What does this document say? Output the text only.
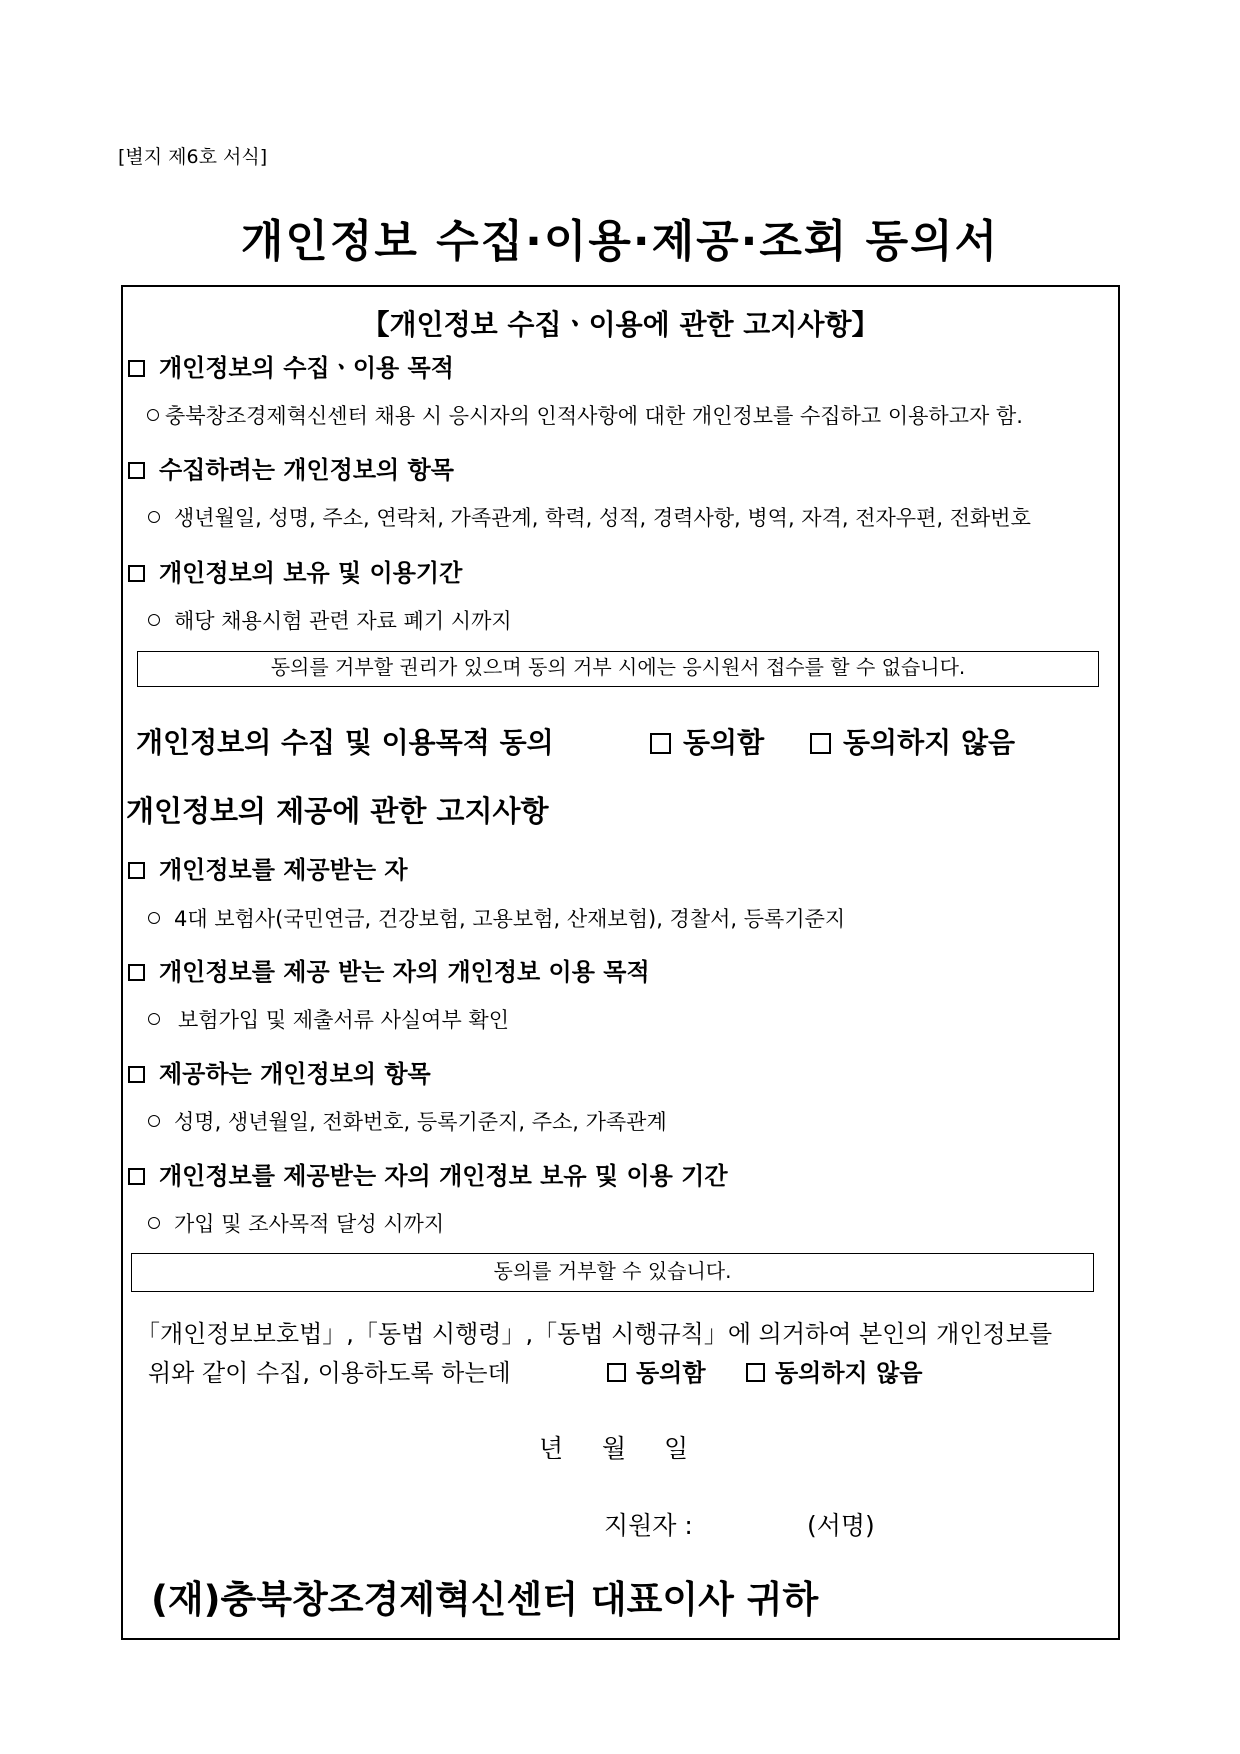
[별지 제6호 서식]
개인정보 수집·이용·제공·조회 동의서
【개인정보 수집ㆍ이용에 관한 고지사항】
개인정보의 수집ㆍ이용 목적
충북창조경제혁신센터 채용 시 응시자의 인적사항에 대한 개인정보를 수집하고 이용하고자 함.
수집하려는 개인정보의 항목
생년월일, 성명, 주소, 연락처, 가족관계, 학력, 성적, 경력사항, 병역, 자격, 전자우편, 전화번호
개인정보의 보유 및 이용기간
해당 채용시험 관련 자료 폐기 시까지
동의를 거부할 권리가 있으며 동의 거부 시에는 응시원서 접수를 할 수 없습니다.
개인정보의 수집 및 이용목적 동의	동의함	동의하지 않음
개인정보의 제공에 관한 고지사항
개인정보를 제공받는 자
4대 보험사(국민연금, 건강보험, 고용보험, 산재보험), 경찰서, 등록기준지
개인정보를 제공 받는 자의 개인정보 이용 목적
보험가입 및 제출서류 사실여부 확인
제공하는 개인정보의 항목
성명, 생년월일, 전화번호, 등록기준지, 주소, 가족관계
개인정보를 제공받는 자의 개인정보 보유 및 이용 기간
가입 및 조사목적 달성 시까지
동의를 거부할 수 있습니다.
「개인정보보호법」,「동법 시행령」,「동법 시행규칙」에 의거하여 본인의 개인정보를
위와 같이 수집, 이용하도록 하는데	동의함	동의하지 않음
년 월 일
지원자 :	(서명)
(재)충북창조경제혁신센터 대표이사 귀하
